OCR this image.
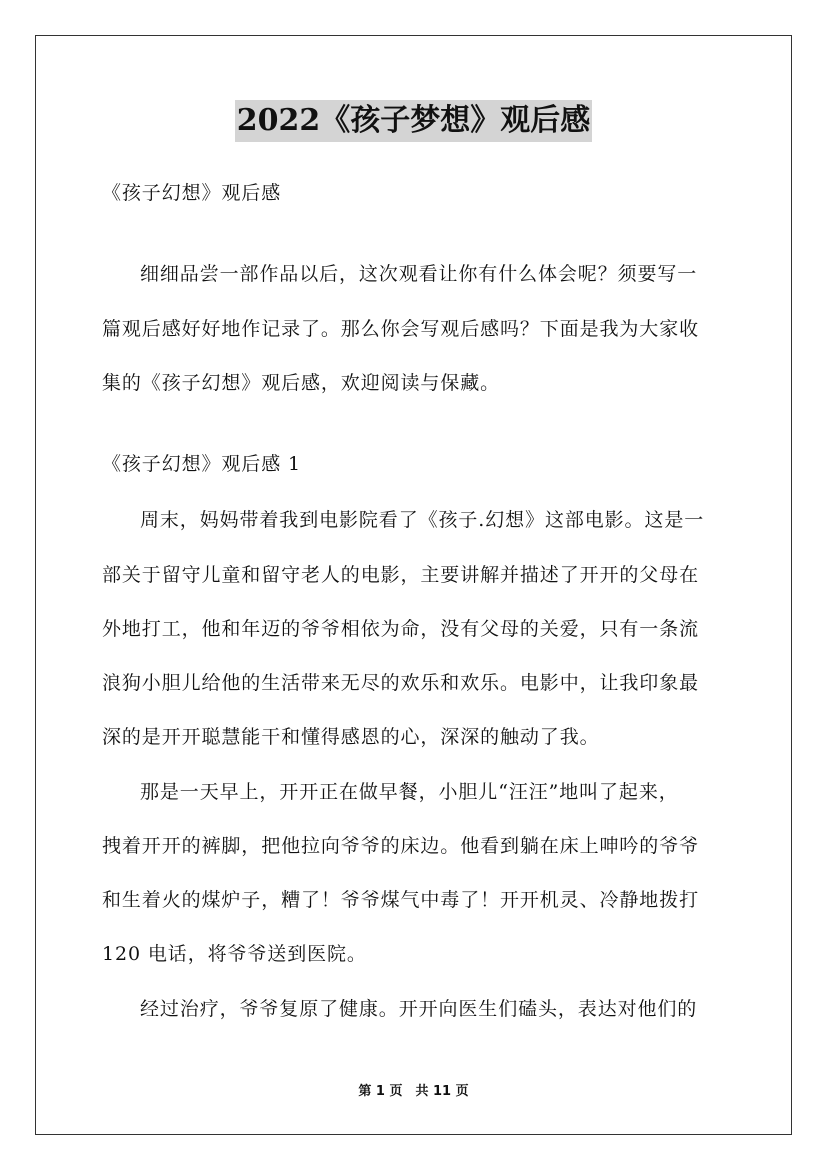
2022《孩子梦想》观后感
《孩子幻想》观后感
细细品尝一部作品以后，这次观看让你有什么体会呢？须要写一
篇观后感好好地作记录了。那么你会写观后感吗？下面是我为大家收
集的《孩子幻想》观后感，欢迎阅读与保藏。
《孩子幻想》观后感 1
周末，妈妈带着我到电影院看了《孩子.幻想》这部电影。这是一
部关于留守儿童和留守老人的电影，主要讲解并描述了开开的父母在
外地打工，他和年迈的爷爷相依为命，没有父母的关爱，只有一条流
浪狗小胆儿给他的生活带来无尽的欢乐和欢乐。电影中，让我印象最
深的是开开聪慧能干和懂得感恩的心，深深的触动了我。
那是一天早上，开开正在做早餐，小胆儿“汪汪”地叫了起来，
拽着开开的裤脚，把他拉向爷爷的床边。他看到躺在床上呻吟的爷爷
和生着火的煤炉子，糟了！爷爷煤气中毒了！开开机灵、冷静地拨打
120 电话，将爷爷送到医院。
经过治疗，爷爷复原了健康。开开向医生们磕头，表达对他们的
第 1 页　共 11 页
